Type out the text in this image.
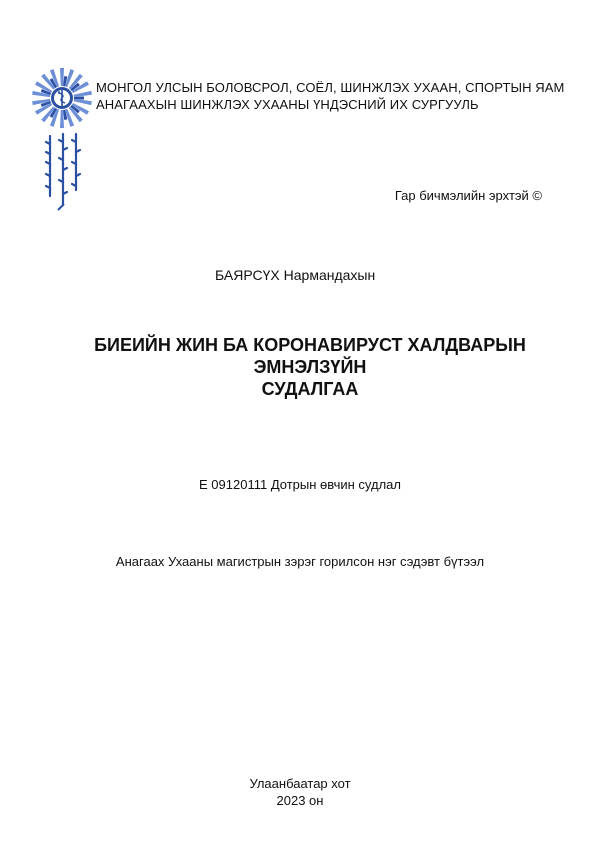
МОНГОЛ УЛСЫН БОЛОВСРОЛ, СОЁЛ, ШИНЖЛЭХ УХААН, СПОРТЫН ЯАМ
АНАГААХЫН ШИНЖЛЭХ УХААНЫ ҮНДЭСНИЙ ИХ СУРГУУЛЬ
Гар бичмэлийн эрхтэй ©
БАЯРСҮХ Нармандахын
БИЕИЙН ЖИН БА КОРОНАВИРУСТ ХАЛДВАРЫН ЭМНЭЛЗҮЙН
СУДАЛГАА
Е 09120111 Дотрын өвчин судлал
Анагаах Ухааны магистрын зэрэг горилсон нэг сэдэвт бүтээл
Улаанбаатар хот
2023 он
